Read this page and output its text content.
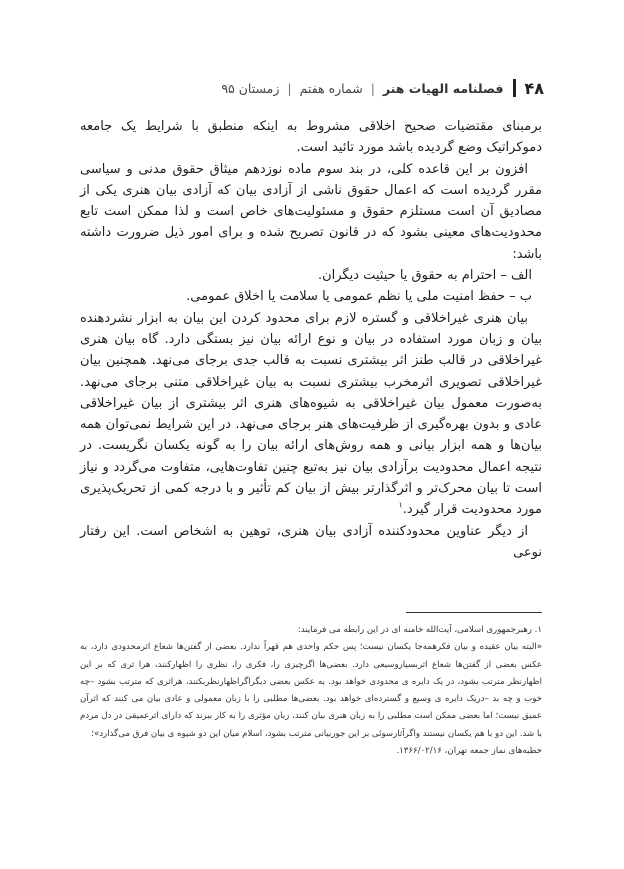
۴۸
فصلنامه الهیات هنر
|
شماره هفتم
|
زمستان ۹۵

برمبنای مقتضیات صحیح اخلاقی مشروط به اینکه منطبق با شرایط یک جامعه دموکراتیک وضع گردیده باشد مورد تائید است.

افزون بر این قاعده کلی، در بند سوم ماده نوزدهم میثاق حقوق مدنی و سیاسی مقرر گردیده است که اعمال حقوق ناشی از آزادی بیان که آزادی بیان هنری یکی از مصادیق آن است مستلزم حقوق و مسئولیت‌های خاص است و لذا ممکن است تابع محدودیت‌های معینی بشود که در قانون تصریح شده و برای امور ذیل ضرورت داشته باشد:

الف – احترام به حقوق یا حیثیت دیگران.

ب – حفظ امنیت ملی یا نظم عمومی یا سلامت یا اخلاق عمومی.

بیان هنری غیراخلاقی و گستره لازم برای محدود کردن این بیان به ابزار نشردهنده بیان و زبان مورد استفاده در بیان و نوع ارائه بیان نیز بستگی دارد. گاه بیان هنری غیراخلاقی در قالب طنز اثر بیشتری نسبت به قالب جدی برجای می‌نهد. همچنین بیان غیراخلاقی تصویری اثرمخرب بیشتری نسبت به بیان غیراخلاقی متنی برجای می‌نهد. به‌صورت معمول بیان غیراخلاقی به شیوه‌های هنری اثر بیشتری از بیان غیراخلاقی عادی و بدون بهره‌گیری از ظرفیت‌های هنر برجای می‌نهد. در این شرایط نمی‌توان همه بیان‌ها و همه ابزار بیانی و همه روش‌های ارائه بیان را به گونه یکسان نگریست. در نتیجه اعمال محدودیت برآزادی بیان نیز به‌تبع چنین تفاوت‌هایی، متفاوت می‌گردد و نیاز است تا بیان محرک‌تر و اثرگذارتر بیش از بیان کم تأثیر و با درجه کمی از تحریک‌پذیری مورد محدودیت قرار گیرد.$^۱$

از دیگر عناوین محدودکننده آزادی بیان هنری، توهین به اشخاص است. این رفتار نوعی

۱. رهبرجمهوری اسلامی، آیت‌الله خامنه ای در این رابطه می فرمایند:

«البته بیان عقیده و بیان فکرهمه‌جا یکسان نیست؛ پس حکم واحدی هم قهراً ندارد. بعضی از گفتن‌ها شعاع اثرمحدودی دارد، به عکس بعضی از گفتن‌ها شعاع اثربسیاروسیعی دارد. بعضی‌ها اگرچیزی را، فکری را، نظری را اظهارکنند، هرا ثری که بر این اظهارنظر مترتب بشود، در یک دایره ی محدودی خواهد بود. به عکس بعضی دیگراگراظهارنظربکنند، هراثری که مترتب بشود –چه خوب و چه بد –دریک دایره ی وسیع و گسترده‌ای خواهد بود. بعضی‌ها مطلبی را با زبان معمولی و عادی بیان می کنند که اثرآن عمیق نیست؛ اما بعضی ممکن است مطلبی را به زبان هنری بیان کنند، زبان مؤثری را به کار ببرند که دارای اثرعمیقی در دل مردم با شد. این دو با هم یکسان نیستند واگرآثارسوئی بر این جوربیانی مترتب بشود، اسلام میان این دو شیوه ی بیان فرق می‌گذارد»؛

خطبه‌های نماز جمعه تهران، ۱۳۶۶/۰۲/۱۶.
